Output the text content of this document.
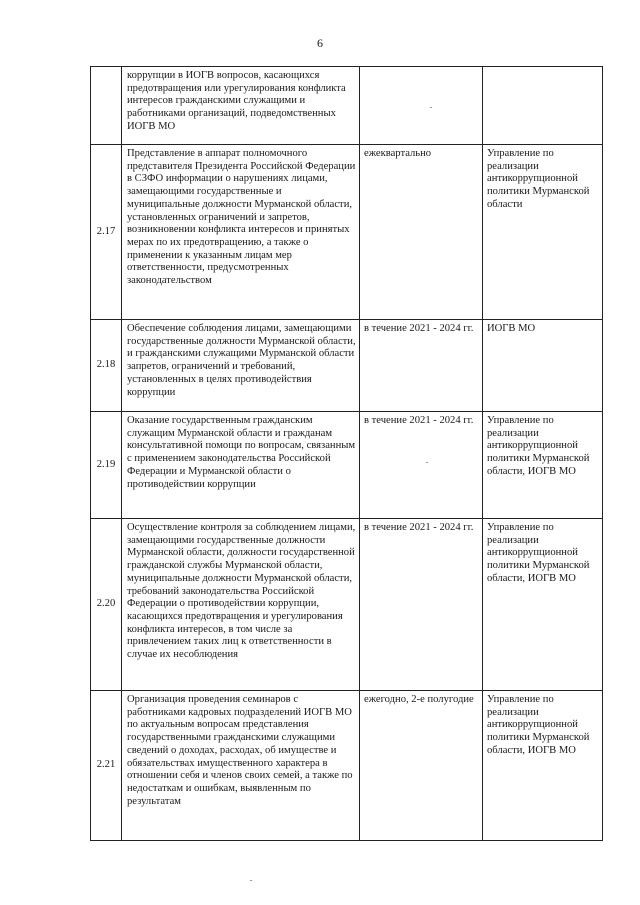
6
	коррупции в ИОГВ вопросов, касающихся предотвращения или урегулирования конфликта интересов гражданскими служащими и работниками организаций, подведомственных ИОГВ МО		
2.17	Представление в аппарат полномочного представителя Президента Российской Федерации в СЗФО информации о нарушениях лицами, замещающими государственные и муниципальные должности Мурманской области, установленных ограничений и запретов, возникновении конфликта интересов и принятых мерах по их предотвращению, а также о применении к указанным лицам мер ответственности, предусмотренных законодательством	ежеквартально	Управление по реализации антикоррупционной политики Мурманской области
2.18	Обеспечение соблюдения лицами, замещающими государственные должности Мурманской области, и гражданскими служащими Мурманской области запретов, ограничений и требований, установленных в целях противодействия коррупции	в течение 2021 - 2024 гг.	ИОГВ МО
2.19	Оказание государственным гражданским служащим Мурманской области и гражданам консультативной помощи по вопросам, связанным с применением законодательства Российской Федерации и Мурманской области о противодействии коррупции	в течение 2021 - 2024 гг.	Управление по реализации антикоррупционной политики Мурманской области, ИОГВ МО
2.20	Осуществление контроля за соблюдением лицами, замещающими государственные должности Мурманской области, должности государственной гражданской службы Мурманской области, муниципальные должности Мурманской области, требований законодательства Российской Федерации о противодействии коррупции, касающихся предотвращения и урегулирования конфликта интересов, в том числе за привлечением таких лиц к ответственности в случае их несоблюдения	в течение 2021 - 2024 гг.	Управление по реализации антикоррупционной политики Мурманской области, ИОГВ МО
2.21	Организация проведения семинаров с работниками кадровых подразделений ИОГВ МО по актуальным вопросам представления государственными гражданскими служащими сведений о доходах, расходах, об имуществе и обязательствах имущественного характера в отношении себя и членов своих семей, а также по недостаткам и ошибкам, выявленным по результатам	ежегодно, 2-е полугодие	Управление по реализации антикоррупционной политики Мурманской области, ИОГВ МО
